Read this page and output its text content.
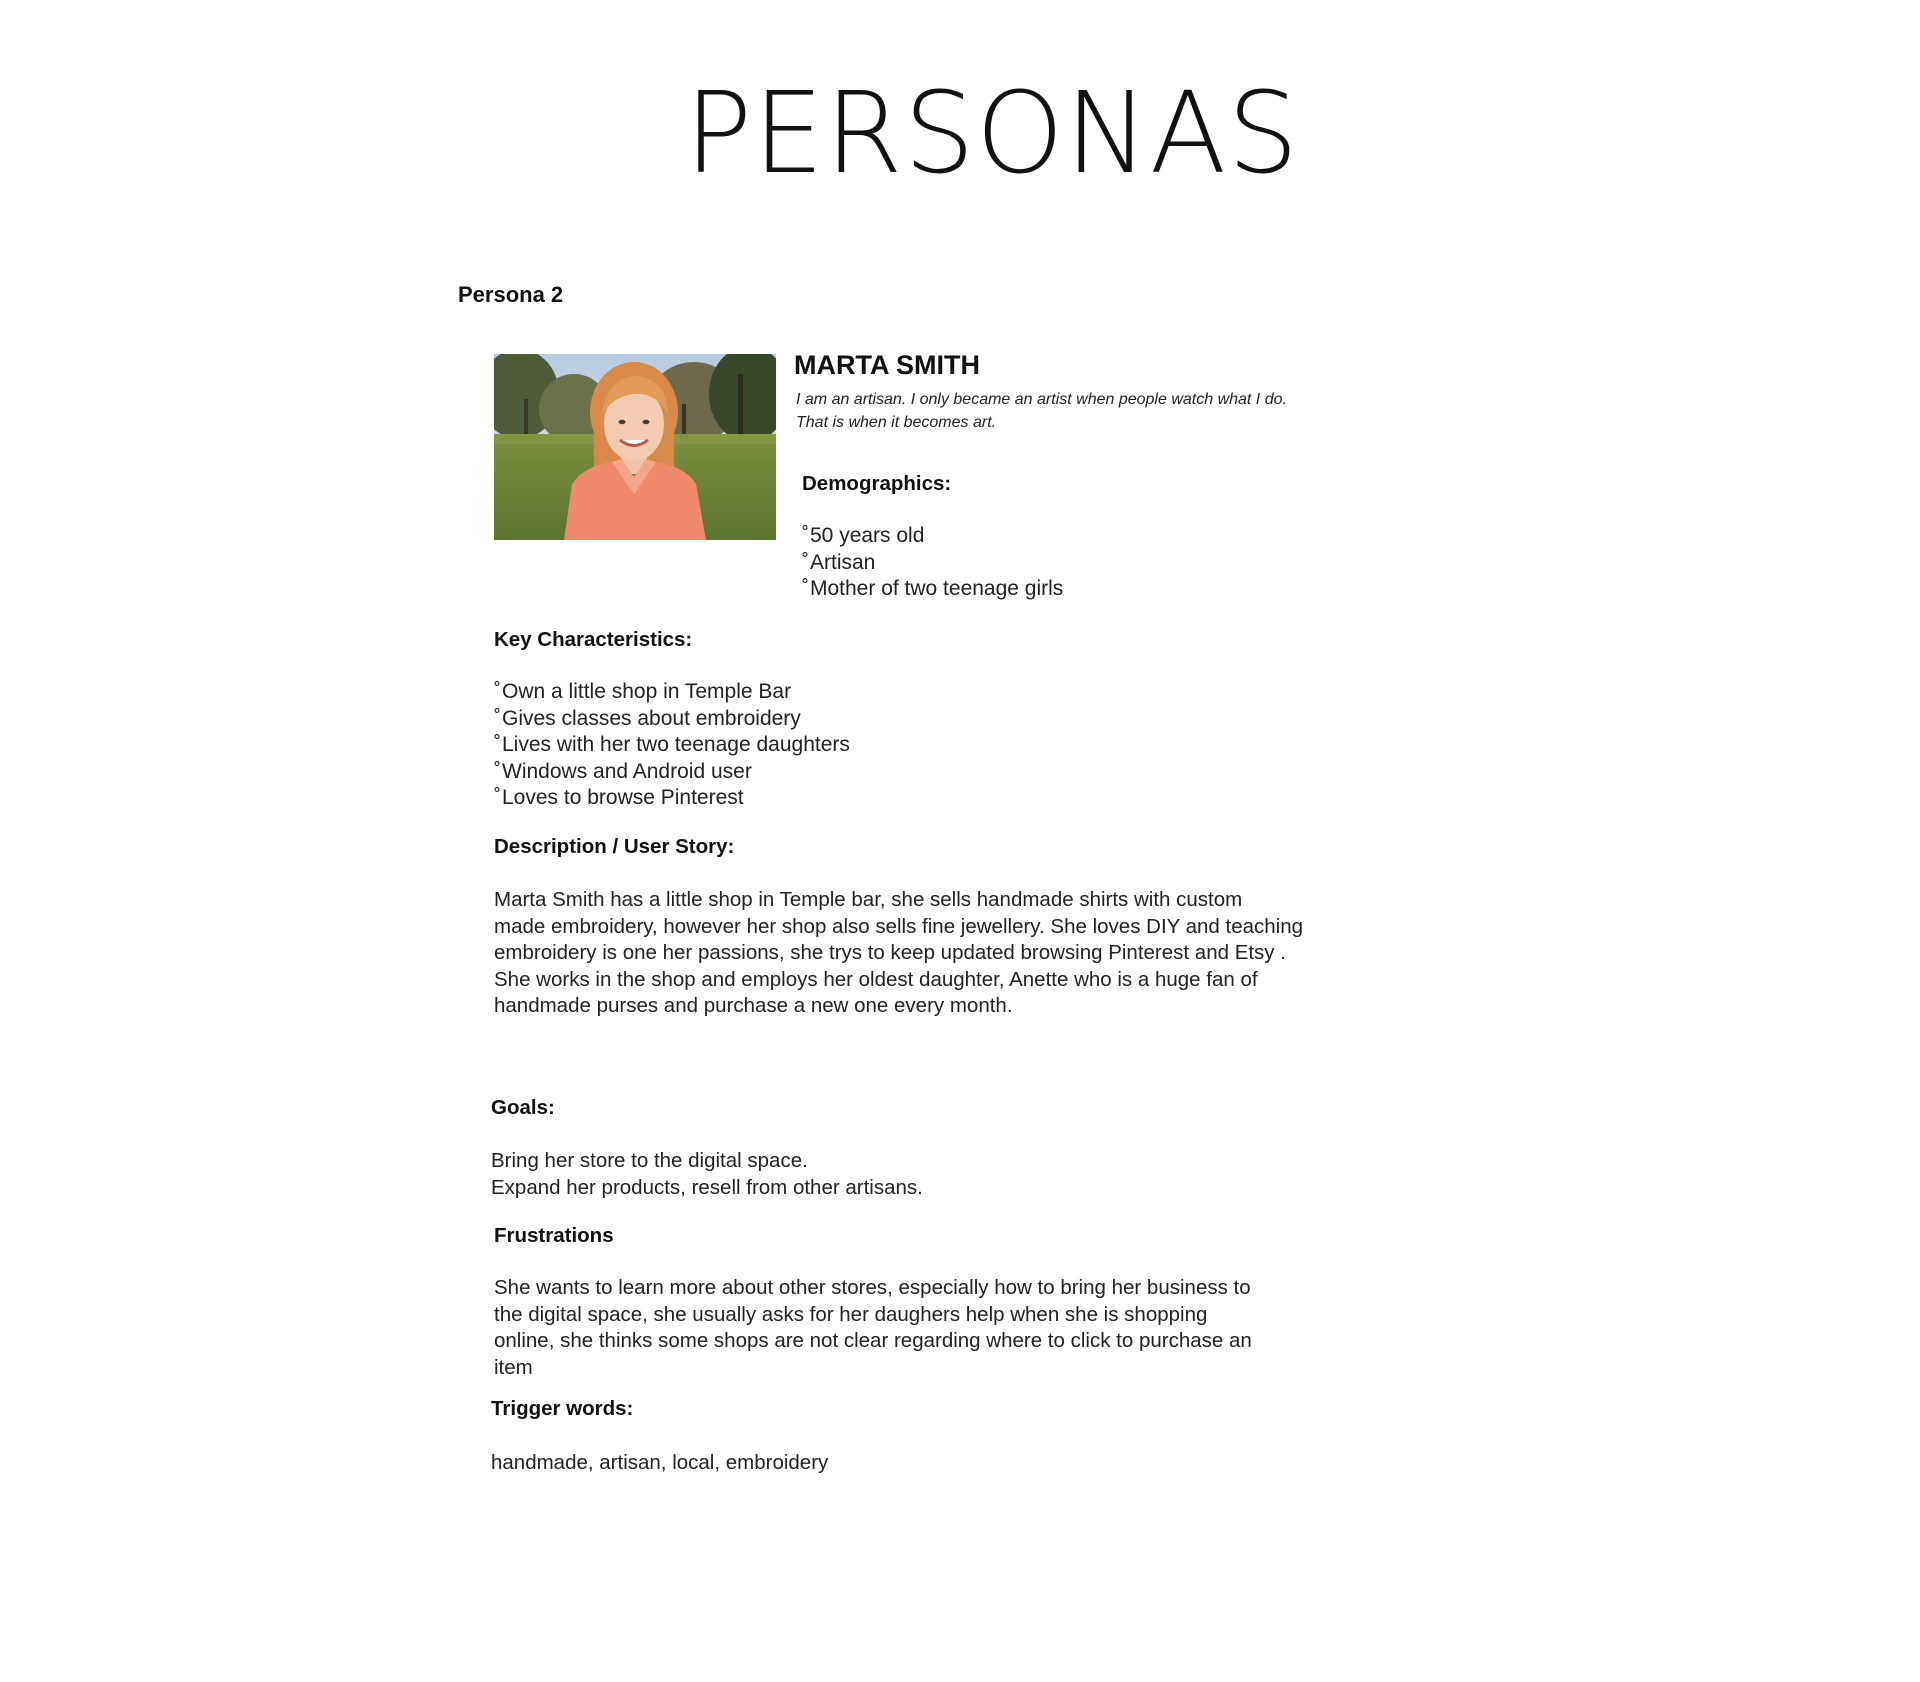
PERSONAS
Persona 2
MARTA SMITH
I am an artisan. I only became an artist when people watch what I do.
That is when it becomes art.
Demographics:
˚ 50 years old
˚ Artisan
˚ Mother of two teenage girls
Key Characteristics:
˚ Own a little shop in Temple Bar
˚ Gives classes about embroidery
˚ Lives with her two teenage daughters
˚ Windows and Android user
˚ Loves to browse Pinterest
Description / User Story:

Marta Smith has a little shop in Temple bar, she sells handmade shirts with custom
made embroidery, however her shop also sells fine jewellery. She loves DIY and teaching
embroidery is one her passions, she trys to keep updated browsing Pinterest and Etsy .
She works in the shop and employs her oldest daughter, Anette who is a huge fan of
handmade purses and purchase a new one every month.

Goals:

Bring her store to the digital space.
Expand her products, resell from other artisans.

Frustrations

She wants to learn more about other stores, especially how to bring her business to
the digital space, she usually asks for her daughers help when she is shopping
online, she thinks some shops are not clear regarding where to click to purchase an
item

Trigger words:

handmade, artisan, local, embroidery
